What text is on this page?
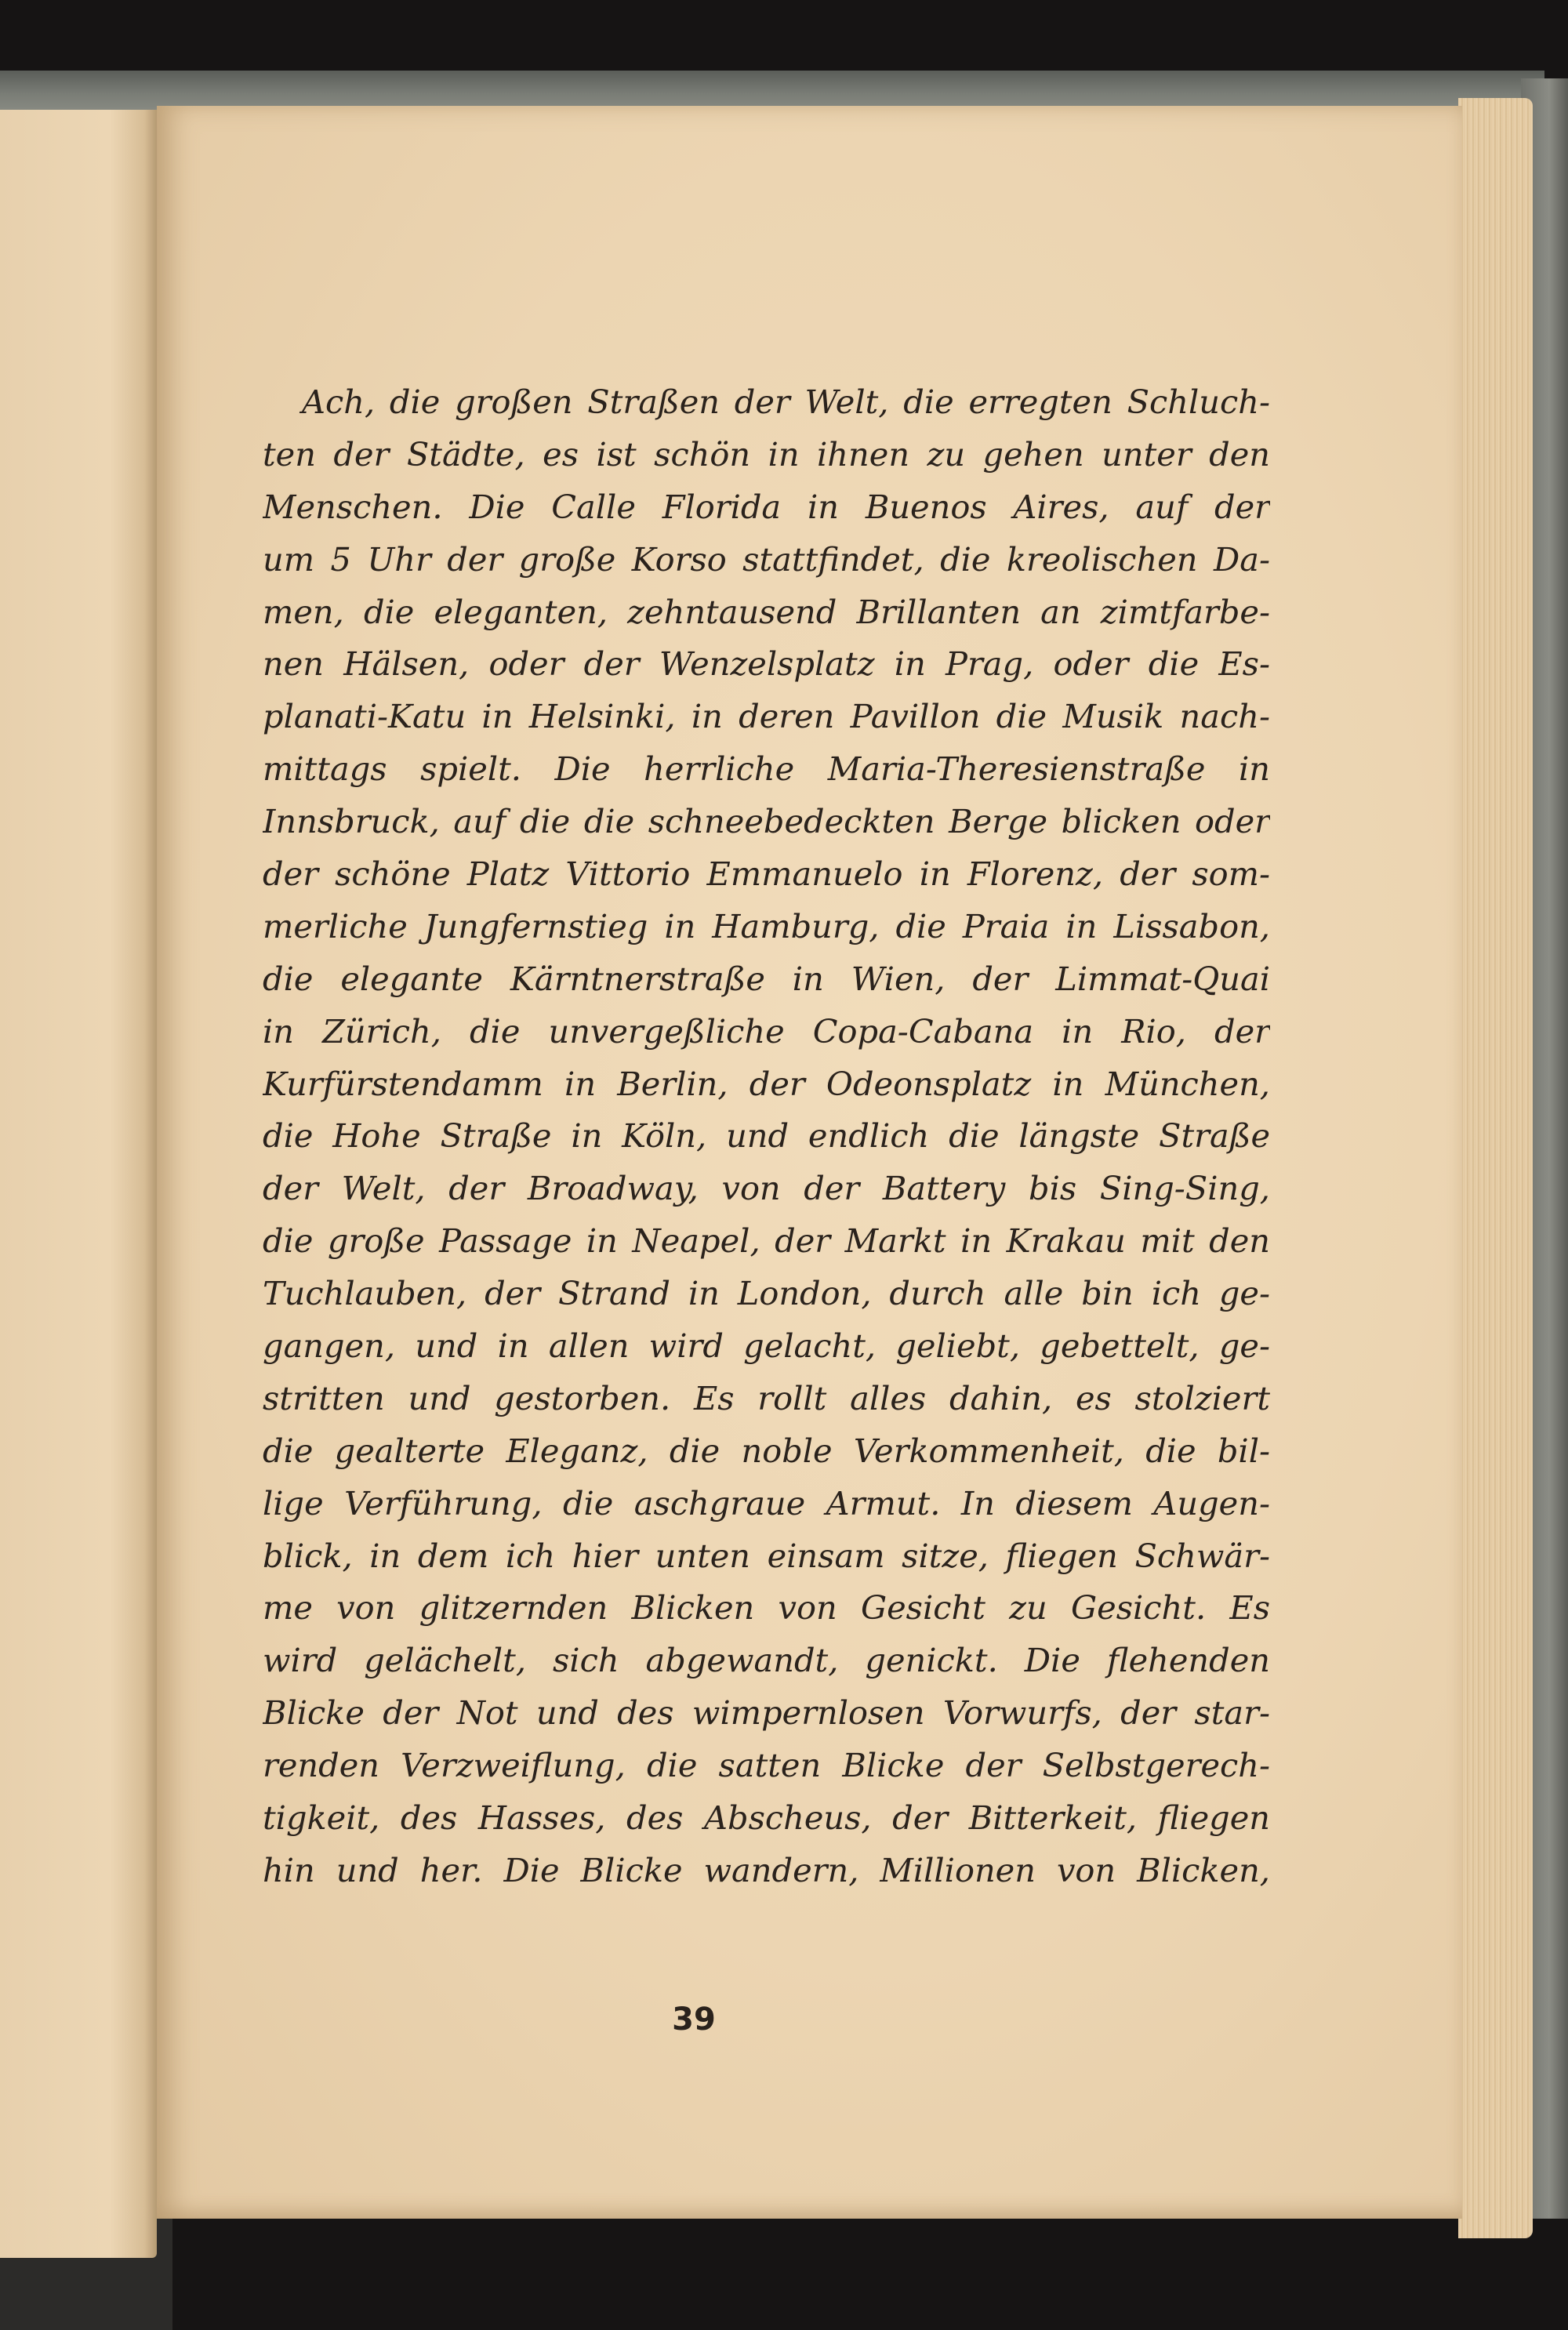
Ach, die großen Straßen der Welt, die erregten Schluch-
ten der Städte, es ist schön in ihnen zu gehen unter den
Menschen. Die Calle Florida in Buenos Aires, auf der
um 5 Uhr der große Korso stattfindet, die kreolischen Da-
men, die eleganten, zehntausend Brillanten an zimtfarbe-
nen Hälsen, oder der Wenzelsplatz in Prag, oder die Es-
planati-Katu in Helsinki, in deren Pavillon die Musik nach-
mittags spielt. Die herrliche Maria-Theresienstraße in
Innsbruck, auf die die schneebedeckten Berge blicken oder
der schöne Platz Vittorio Emmanuelo in Florenz, der som-
merliche Jungfernstieg in Hamburg, die Praia in Lissabon,
die elegante Kärntnerstraße in Wien, der Limmat-Quai
in Zürich, die unvergeßliche Copa-Cabana in Rio, der
Kurfürstendamm in Berlin, der Odeonsplatz in München,
die Hohe Straße in Köln, und endlich die längste Straße
der Welt, der Broadway, von der Battery bis Sing-Sing,
die große Passage in Neapel, der Markt in Krakau mit den
Tuchlauben, der Strand in London, durch alle bin ich ge-
gangen, und in allen wird gelacht, geliebt, gebettelt, ge-
stritten und gestorben. Es rollt alles dahin, es stolziert
die gealterte Eleganz, die noble Verkommenheit, die bil-
lige Verführung, die aschgraue Armut. In diesem Augen-
blick, in dem ich hier unten einsam sitze, fliegen Schwär-
me von glitzernden Blicken von Gesicht zu Gesicht. Es
wird gelächelt, sich abgewandt, genickt. Die flehenden
Blicke der Not und des wimpernlosen Vorwurfs, der star-
renden Verzweiflung, die satten Blicke der Selbstgerech-
tigkeit, des Hasses, des Abscheus, der Bitterkeit, fliegen
hin und her. Die Blicke wandern, Millionen von Blicken,
39
